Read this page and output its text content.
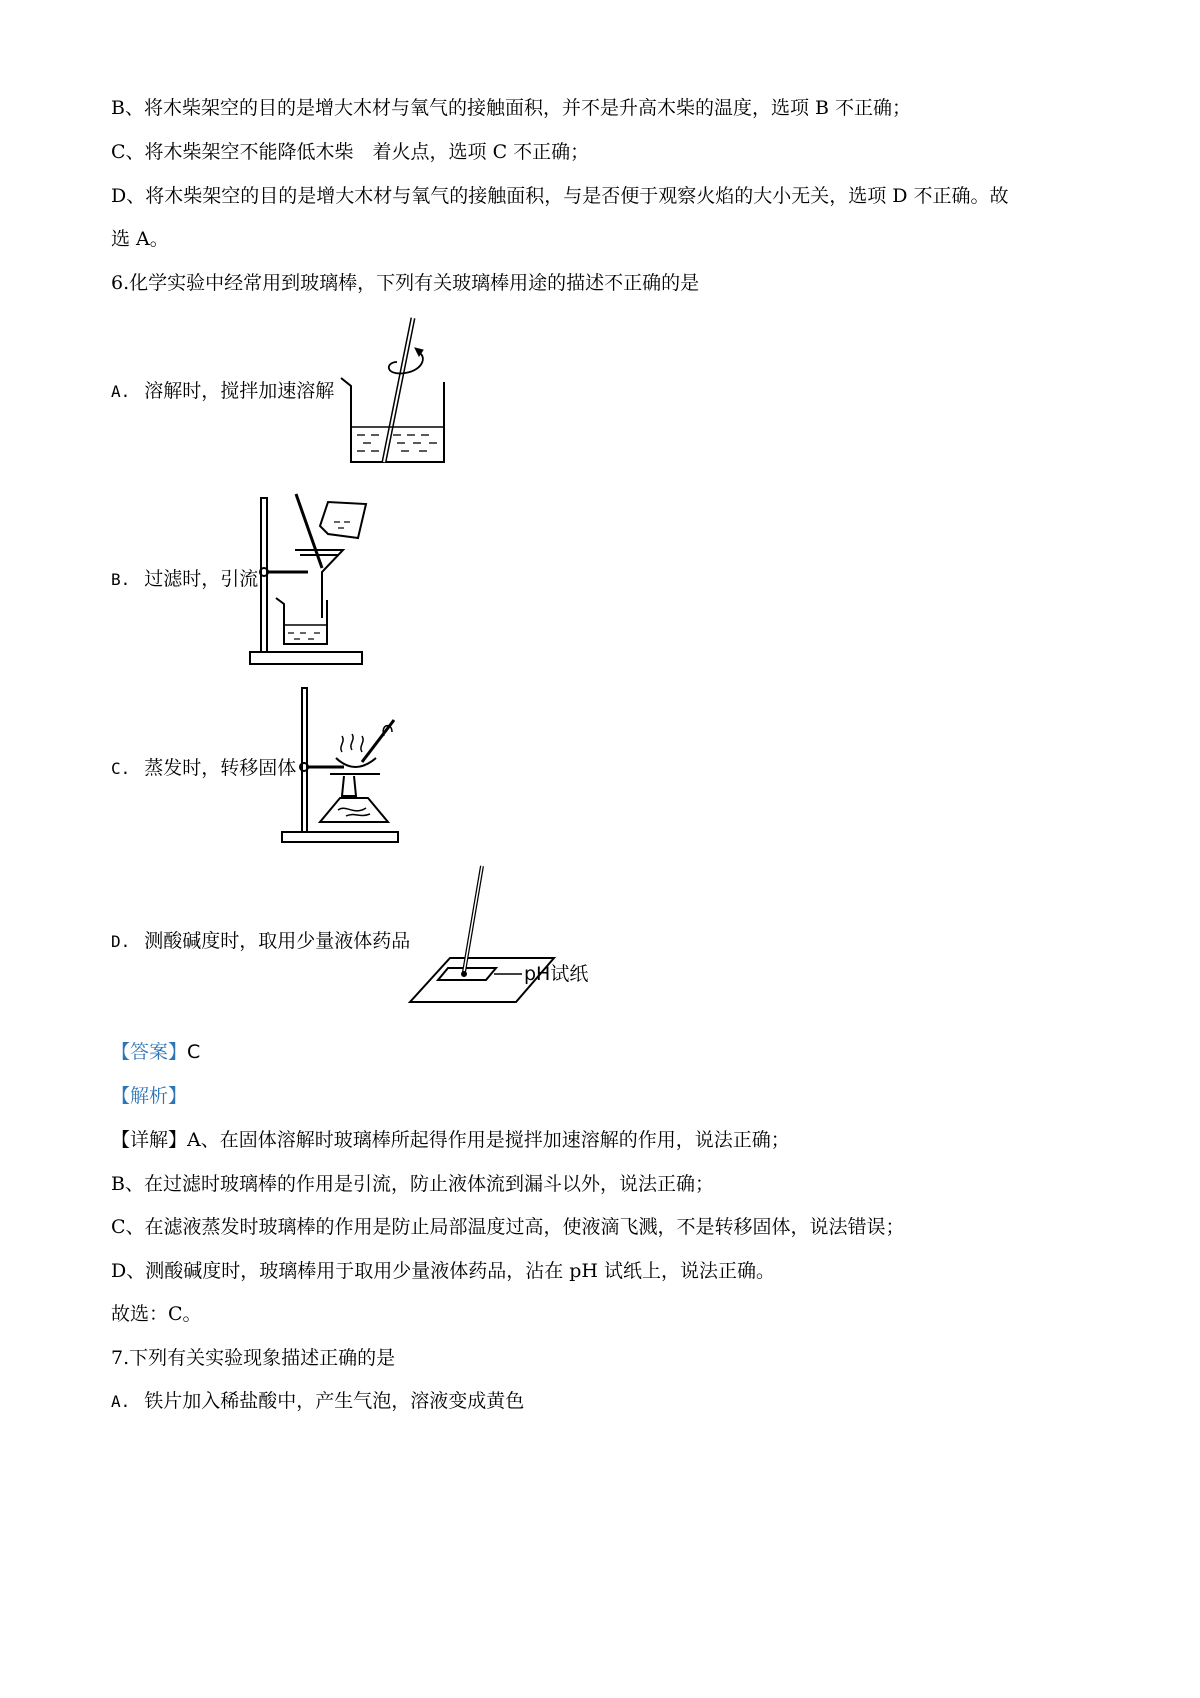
B、将木柴架空的目的是增大木材与氧气的接触面积，并不是升高木柴的温度，选项 B 不正确；
C、将木柴架空不能降低木柴　着火点，选项 C 不正确；
D、将木柴架空的目的是增大木材与氧气的接触面积，与是否便于观察火焰的大小无关，选项 D 不正确。故
选 A。
6.化学实验中经常用到玻璃棒，下列有关玻璃棒用途的描述不正确的是
A. 溶解时，搅拌加速溶解
B. 过滤时，引流
C. 蒸发时，转移固体
D. 测酸碱度时，取用少量液体药品
pH试纸
【答案】C
【解析】
【详解】A、在固体溶解时玻璃棒所起得作用是搅拌加速溶解的作用，说法正确；
B、在过滤时玻璃棒的作用是引流，防止液体流到漏斗以外，说法正确；
C、在滤液蒸发时玻璃棒的作用是防止局部温度过高，使液滴飞溅，不是转移固体，说法错误；
D、测酸碱度时，玻璃棒用于取用少量液体药品，沾在 pH 试纸上，说法正确。
故选：C。
7.下列有关实验现象描述正确的是
A. 铁片加入稀盐酸中，产生气泡，溶液变成黄色
